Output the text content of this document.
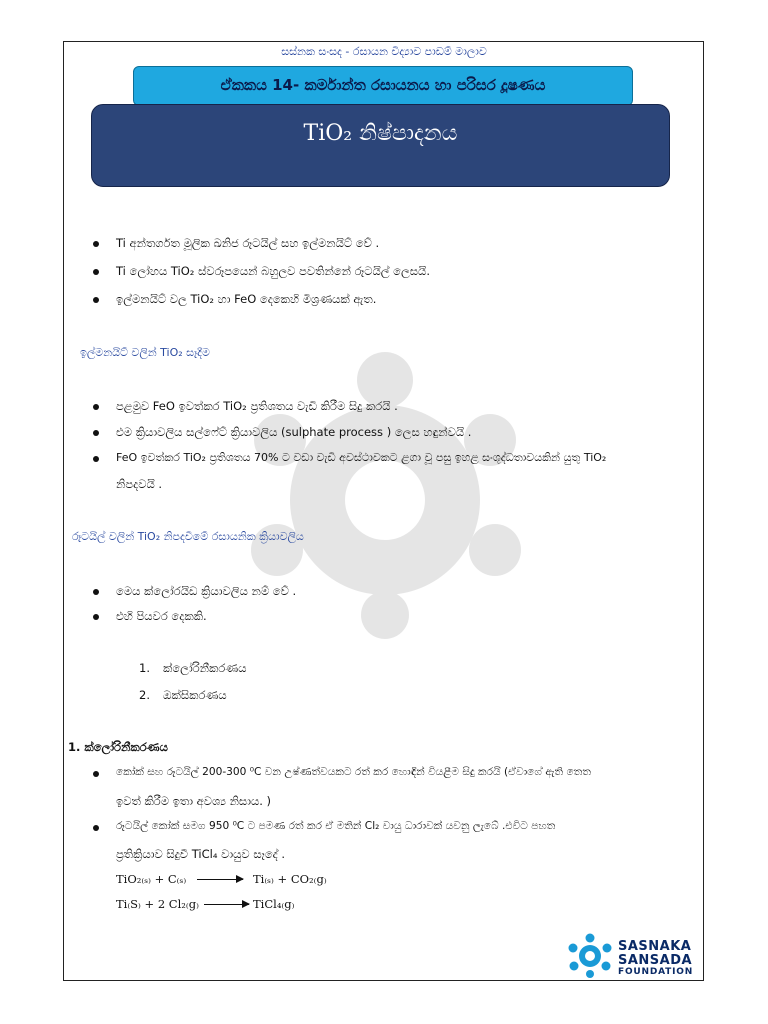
සස්නක සංසද - රසායන විද්‍යාව පාඩම් මාලාව
ඒකකය 14- කර්මාන්ත රසායනය හා පරිසර දූෂණය
TiO₂ නිෂ්පාදනය
Ti අන්තර්ගත මූලික ඛනිජ රූටයිල් සහ ඉල්මනයිට් වේ .
Ti ලෝහය TiO₂ ස්වරූපයෙන් බහුලව පවතින්නේ රූටයිල් ලෙසයි.
ඉල්මනයිට් වල TiO₂ හා FeO දෙකෙහි මිශ්‍රණයක් ඇත.
ඉල්මනයිට් වලින් TiO₂ සෑදීම
පළමුව FeO ඉවත්කර TiO₂ ප්‍රතිශතය වැඩි කිරීම සිදු කරයි .
එම ක්‍රියාවලිය සල්ෆේට් ක්‍රියාවලිය (sulphate process ) ලෙස හඳුන්වයි .
FeO ඉවත්කර TiO₂ ප්‍රතිශතය 70% ට වඩා වැඩි අවස්ථාවකට ළගා වූ පසු ඉහළ සංශුද්ධතාවයකින් යුතු TiO₂
නිපදවයි .
රූටයිල් වලින් TiO₂ නිපදවීමේ රසායනික ක්‍රියාවලිය
මෙය ක්ලෝරයිඩ ක්‍රියාවලිය නම් වේ .
එහි පියවර දෙකකි.
1. ක්ලෝරිනීකරණය
2. ඔක්සිකරණය
1. ක්ලෝරිනීකරණය
කෝක් සහ රූටයිල් 200-300 ⁰C වන උෂ්ණත්වයකට රත් කර හොඳින් වියළීම සිදු කරයි (ඒවාගේ ඇති තෙත
ඉවත් කිරීම ඉතා අවශ්‍ය නිසාය. )
රූටයිල් කෝක් සමග 950 ⁰C ට පමණ රත් කර ඒ මතින් Cl₂ වායු ධාරාවක් යවනු ලැබේ .එවිට පහත
ප්‍රතික්‍රියාව සිදුවී TiCl₄ වායුව සෑදේ .
TiO₂₍ₛ₎ + C₍ₛ₎ → Ti₍ₛ₎ + CO₂₍g₎
Ti₍S₎ + 2 Cl₂₍g₎ → TiCl₄₍g₎
SASNAKA
SANSADA
FOUNDATION
